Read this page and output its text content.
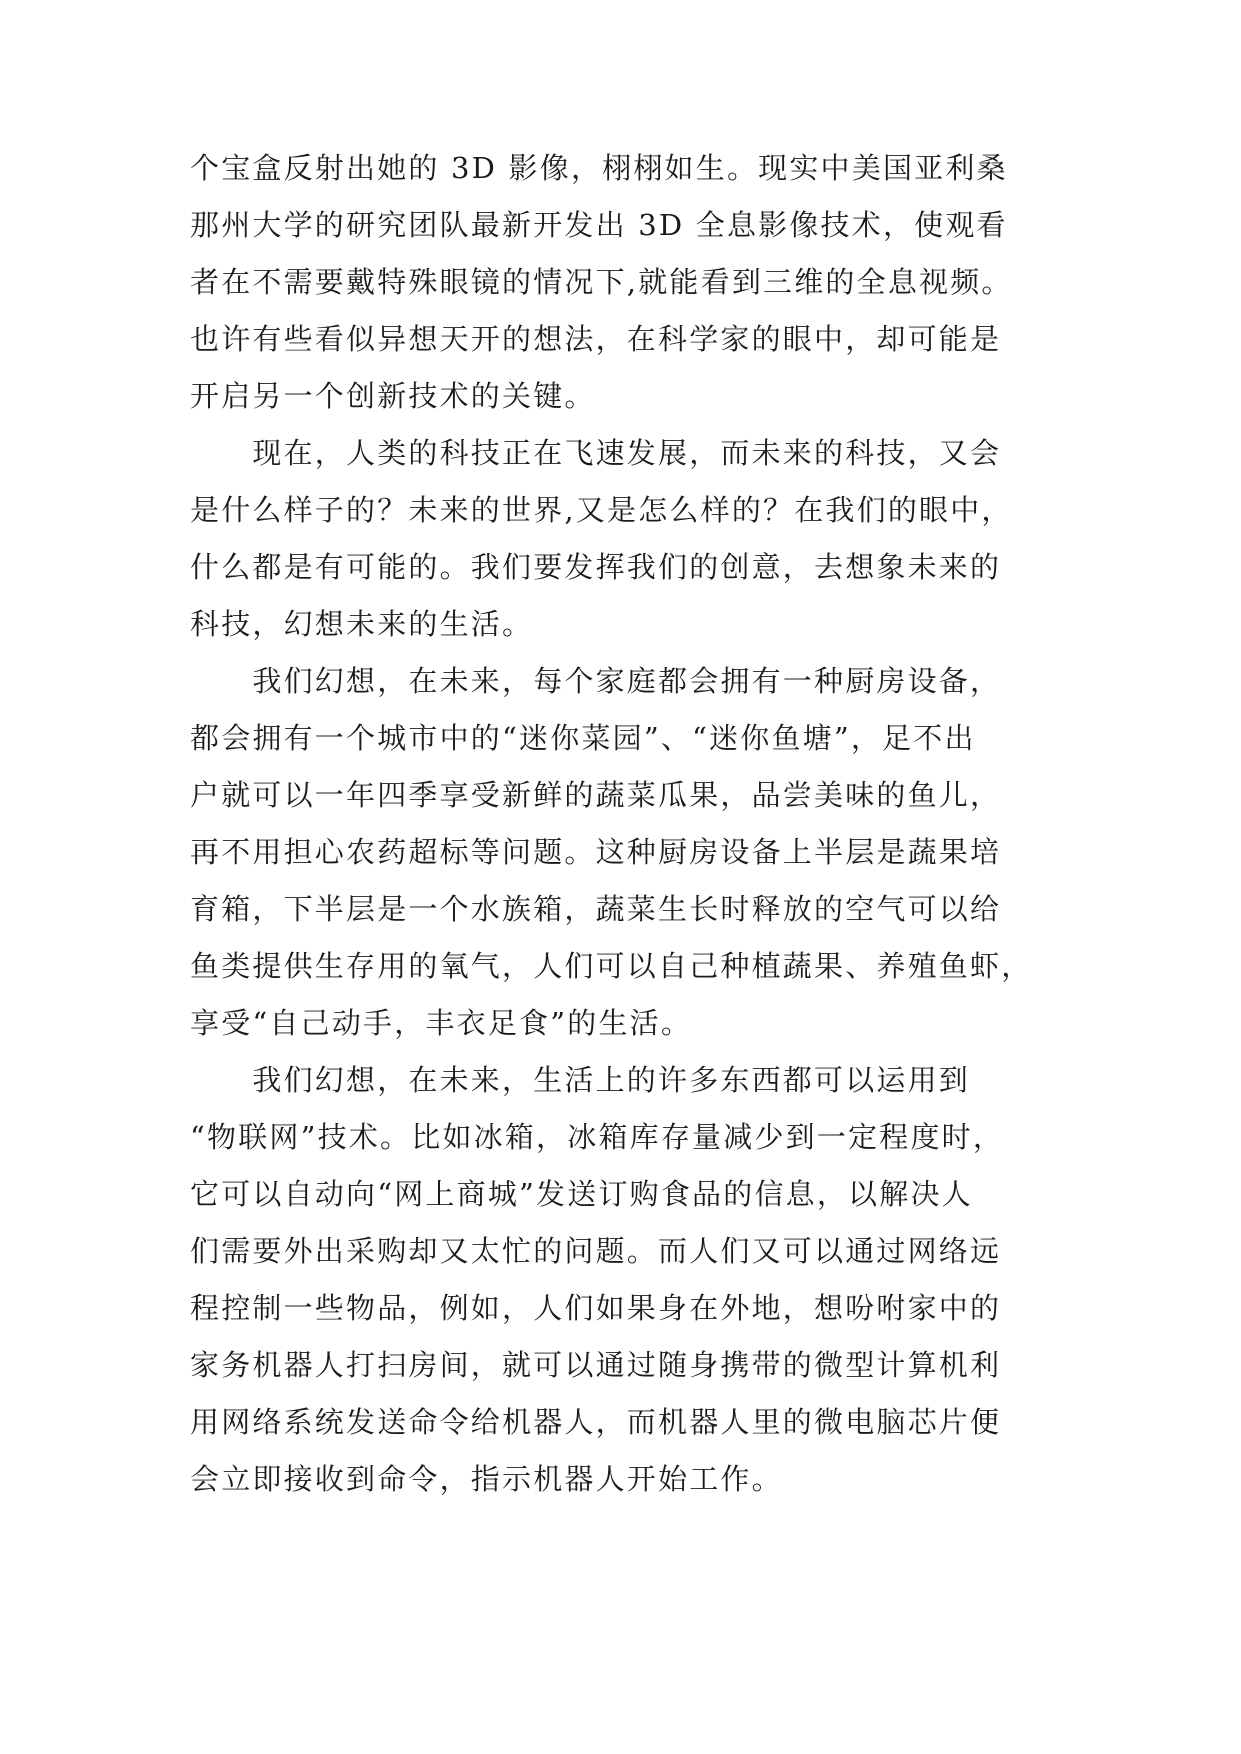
个宝盒反射出她的 3D 影像，栩栩如生。现实中美国亚利桑
那州大学的研究团队最新开发出 3D 全息影像技术，使观看
者在不需要戴特殊眼镜的情况下,就能看到三维的全息视频。
也许有些看似异想天开的想法，在科学家的眼中，却可能是
开启另一个创新技术的关键。
　　现在，人类的科技正在飞速发展，而未来的科技，又会
是什么样子的？未来的世界,又是怎么样的？在我们的眼中，
什么都是有可能的。我们要发挥我们的创意，去想象未来的
科技，幻想未来的生活。
　　我们幻想，在未来，每个家庭都会拥有一种厨房设备，
都会拥有一个城市中的“迷你菜园”、“迷你鱼塘”，足不出
户就可以一年四季享受新鲜的蔬菜瓜果，品尝美味的鱼儿，
再不用担心农药超标等问题。这种厨房设备上半层是蔬果培
育箱，下半层是一个水族箱，蔬菜生长时释放的空气可以给
鱼类提供生存用的氧气，人们可以自己种植蔬果、养殖鱼虾，
享受“自己动手，丰衣足食”的生活。
　　我们幻想，在未来，生活上的许多东西都可以运用到
“物联网”技术。比如冰箱，冰箱库存量减少到一定程度时，
它可以自动向“网上商城”发送订购食品的信息，以解决人
们需要外出采购却又太忙的问题。而人们又可以通过网络远
程控制一些物品，例如，人们如果身在外地，想吩咐家中的
家务机器人打扫房间，就可以通过随身携带的微型计算机利
用网络系统发送命令给机器人，而机器人里的微电脑芯片便
会立即接收到命令，指示机器人开始工作。
